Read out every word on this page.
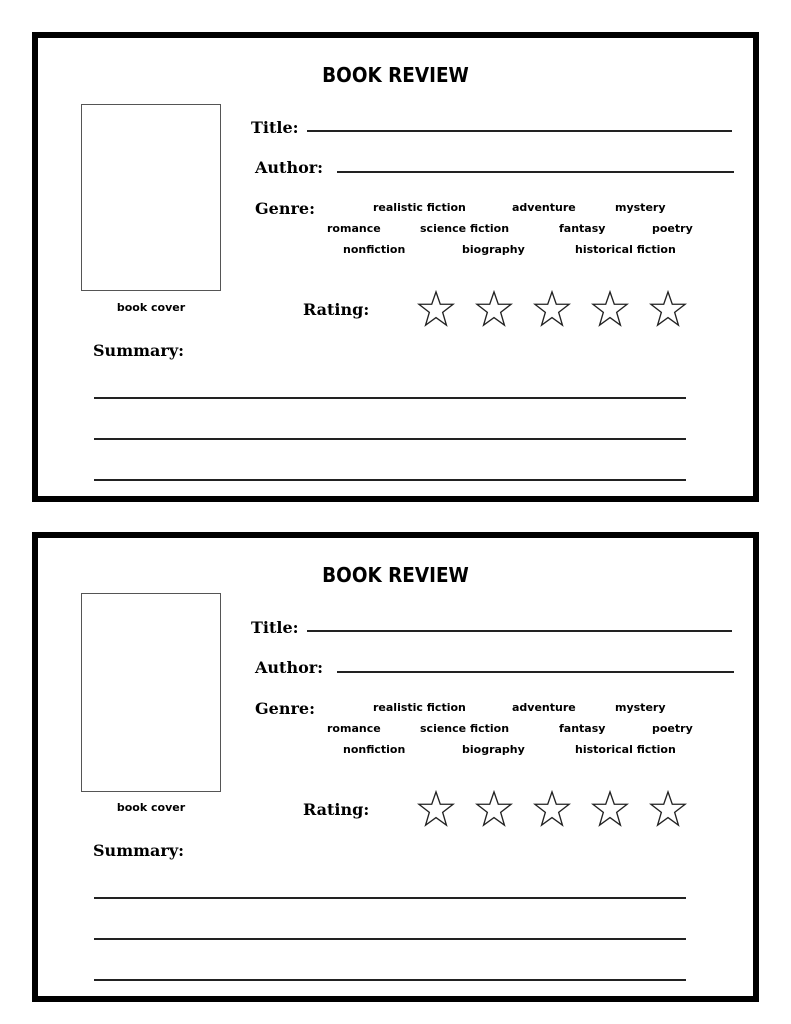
BOOK REVIEW
book cover
Title:
Author:
Genre:	realistic fiction	adventure	mystery
romance	science fiction	fantasy	poetry
nonfiction	biography	historical fiction
Rating:
Summary:
BOOK REVIEW
book cover
Title:
Author:
Genre:	realistic fiction	adventure	mystery
romance	science fiction	fantasy	poetry
nonfiction	biography	historical fiction
Rating:
Summary:
